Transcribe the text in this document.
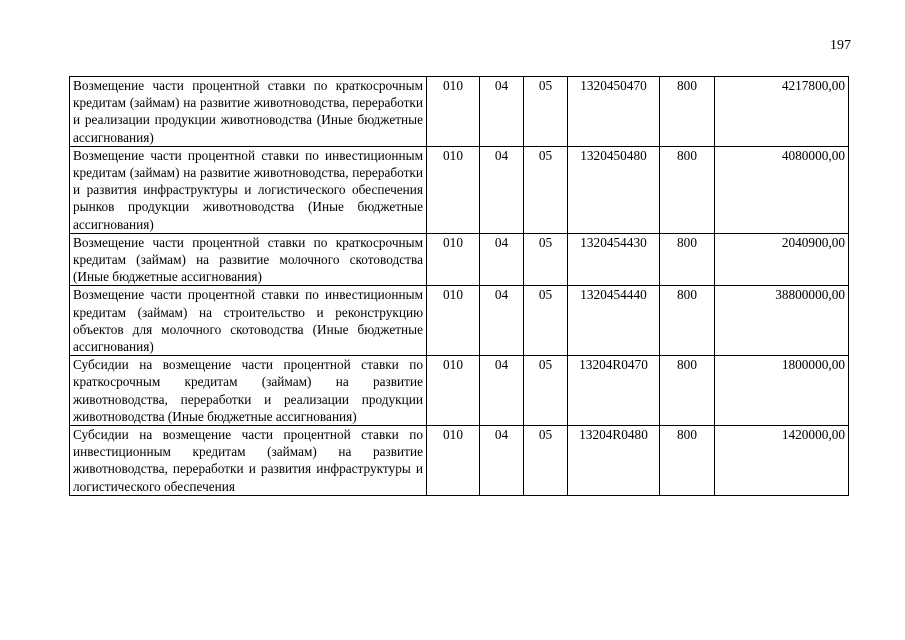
197
Возмещение части процентной ставки по краткосрочным кредитам (займам) на развитие животноводства, переработки и реализации продукции животноводства (Иные бюджетные ассигнования)	010	04	05	1320450470	800	4217800,00
Возмещение части процентной ставки по инвестиционным кредитам (займам) на развитие животноводства, переработки и развития инфраструктуры и логистического обеспечения рынков продукции животноводства (Иные бюджетные ассигнования)	010	04	05	1320450480	800	4080000,00
Возмещение части процентной ставки по краткосрочным кредитам (займам) на развитие молочного скотоводства (Иные бюджетные ассигнования)	010	04	05	1320454430	800	2040900,00
Возмещение части процентной ставки по инвестиционным кредитам (займам) на строительство и реконструкцию объектов для молочного скотоводства (Иные бюджетные ассигнования)	010	04	05	1320454440	800	38800000,00
Субсидии на возмещение части процентной ставки по краткосрочным кредитам (займам) на развитие животноводства, переработки и реализации продукции животноводства (Иные бюджетные ассигнования)	010	04	05	13204R0470	800	1800000,00
Субсидии на возмещение части процентной ставки по инвестиционным кредитам (займам) на развитие животноводства, переработки и развития инфраструктуры и логистического обеспечения	010	04	05	13204R0480	800	1420000,00
